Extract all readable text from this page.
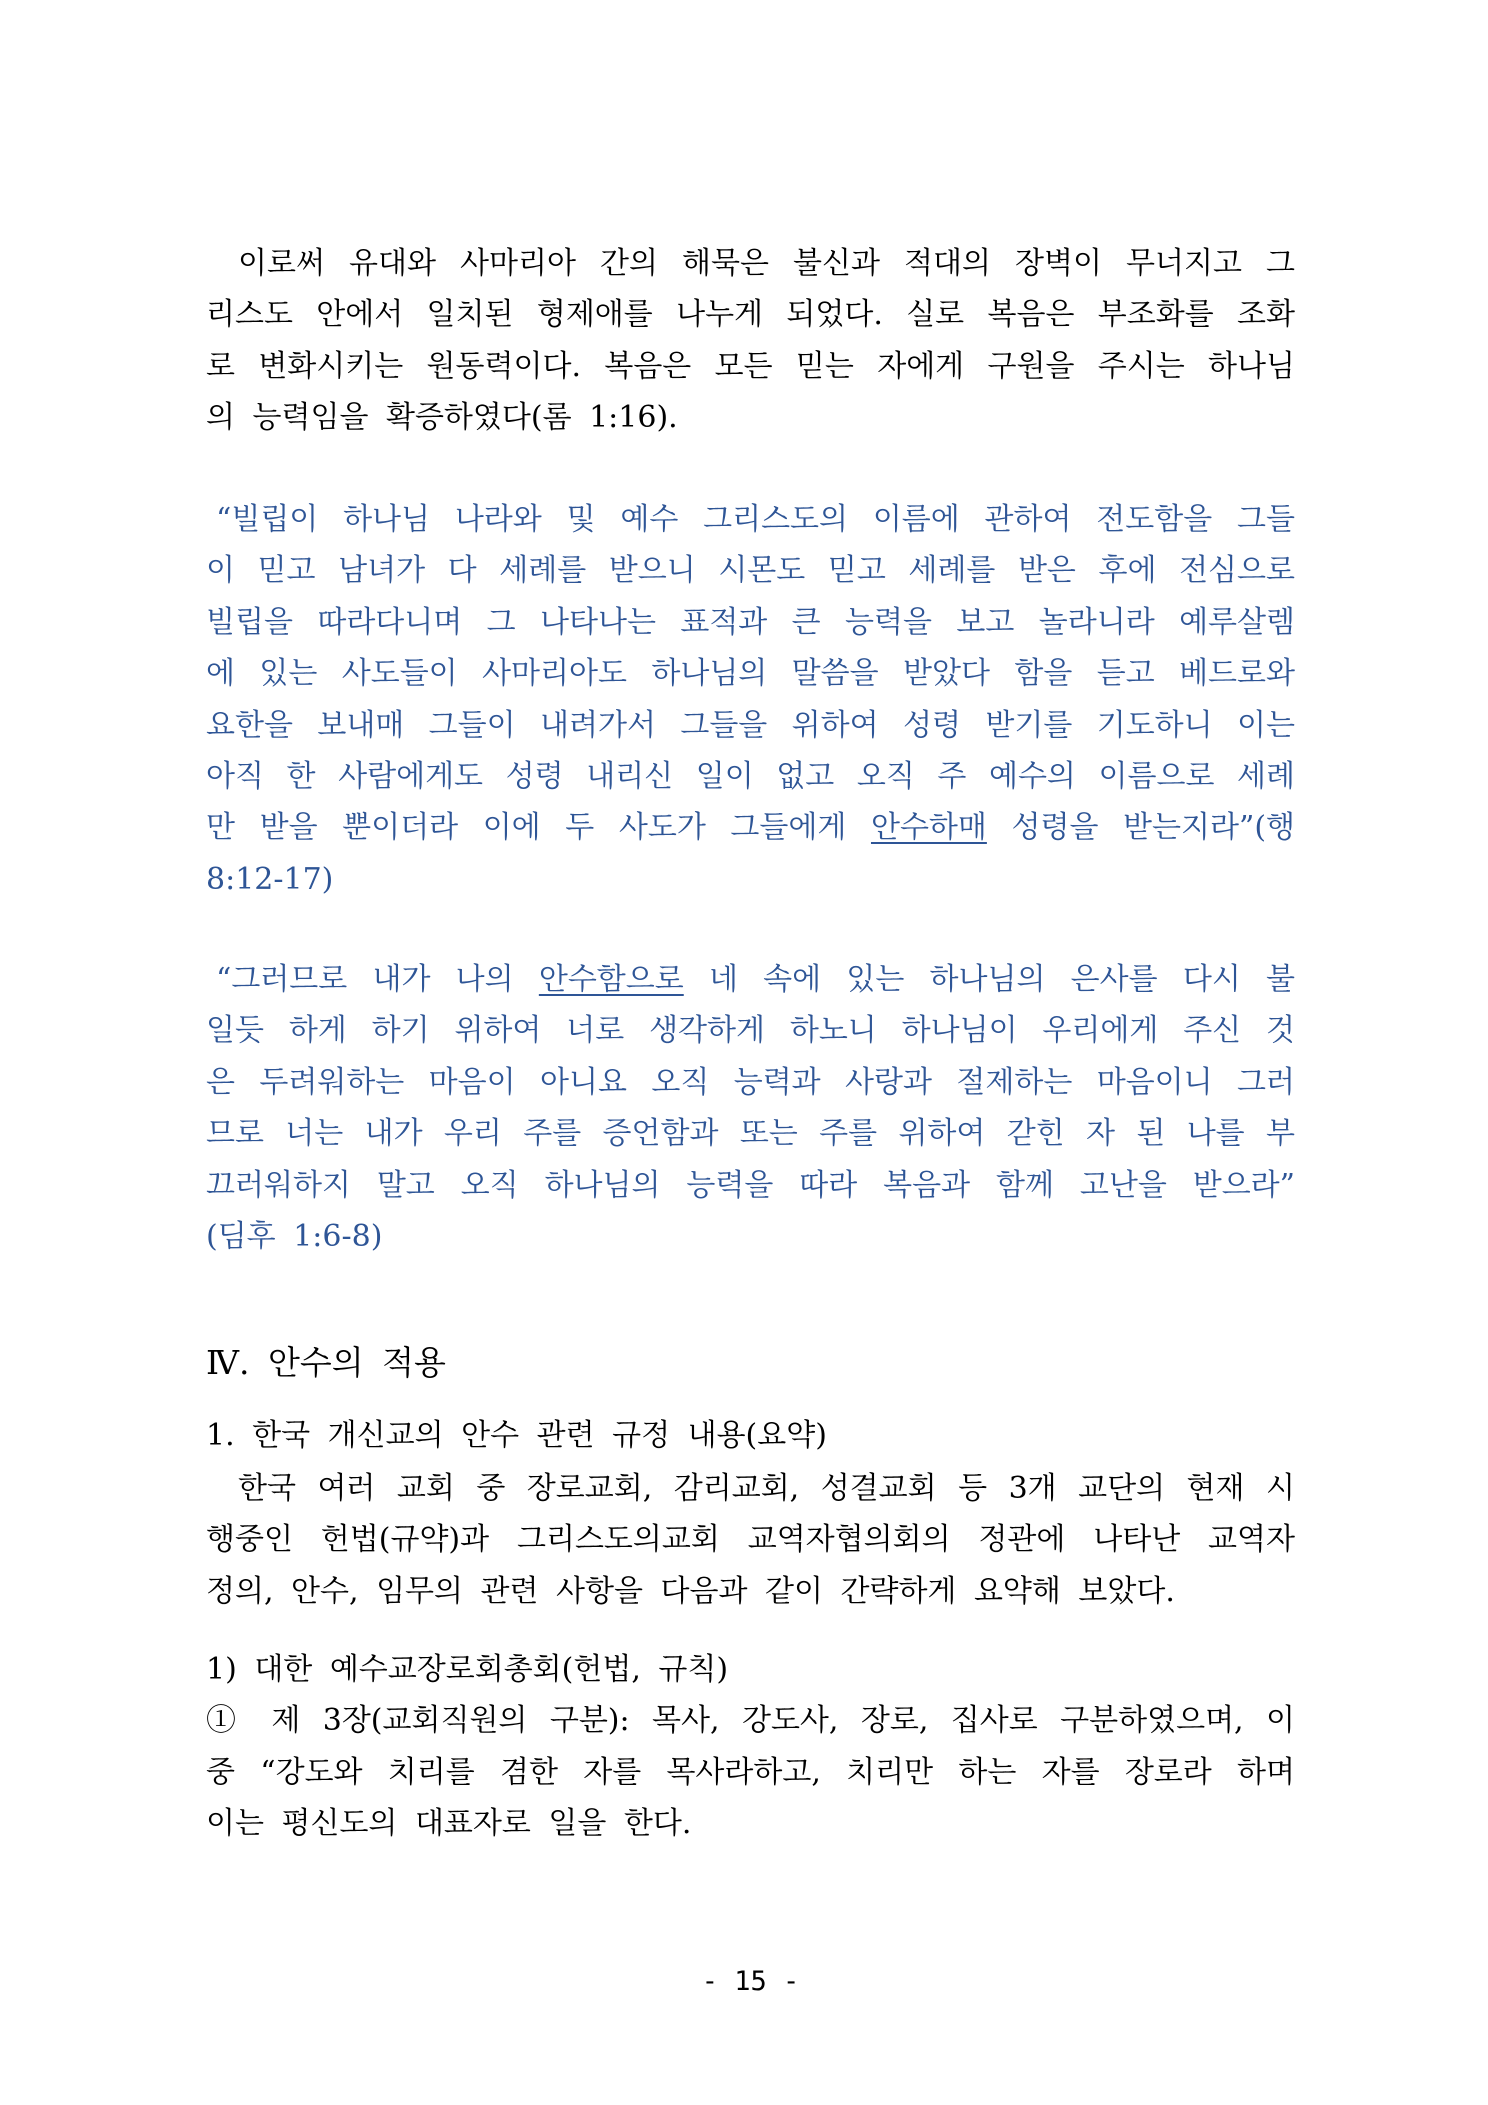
이로써 유대와 사마리아 간의 해묵은 불신과 적대의 장벽이 무너지고 그
리스도 안에서 일치된 형제애를 나누게 되었다. 실로 복음은 부조화를 조화
로 변화시키는 원동력이다. 복음은 모든 믿는 자에게 구원을 주시는 하나님
의 능력임을 확증하였다(롬 1:16).
“빌립이 하나님 나라와 및 예수 그리스도의 이름에 관하여 전도함을 그들
이 믿고 남녀가 다 세례를 받으니 시몬도 믿고 세례를 받은 후에 전심으로
빌립을 따라다니며 그 나타나는 표적과 큰 능력을 보고 놀라니라 예루살렘
에 있는 사도들이 사마리아도 하나님의 말씀을 받았다 함을 듣고 베드로와
요한을 보내매 그들이 내려가서 그들을 위하여 성령 받기를 기도하니 이는
아직 한 사람에게도 성령 내리신 일이 없고 오직 주 예수의 이름으로 세례
만 받을 뿐이더라 이에 두 사도가 그들에게 안수하매 성령을 받는지라”(행
8:12-17)
“그러므로 내가 나의 안수함으로 네 속에 있는 하나님의 은사를 다시 불
일듯 하게 하기 위하여 너로 생각하게 하노니 하나님이 우리에게 주신 것
은 두려워하는 마음이 아니요 오직 능력과 사랑과 절제하는 마음이니 그러
므로 너는 내가 우리 주를 증언함과 또는 주를 위하여 갇힌 자 된 나를 부
끄러워하지 말고 오직 하나님의 능력을 따라 복음과 함께 고난을 받으라”
(딤후 1:6-8)
Ⅳ. 안수의 적용
1. 한국 개신교의 안수 관련 규정 내용(요약)
한국 여러 교회 중 장로교회, 감리교회, 성결교회 등 3개 교단의 현재 시
행중인 헌법(규약)과 그리스도의교회 교역자협의회의 정관에 나타난 교역자
정의, 안수, 임무의 관련 사항을 다음과 같이 간략하게 요약해 보았다.
1) 대한 예수교장로회총회(헌법, 규칙)
① 제 3장(교회직원의 구분): 목사, 강도사, 장로, 집사로 구분하였으며, 이
중 “강도와 치리를 겸한 자를 목사라하고, 치리만 하는 자를 장로라 하며
이는 평신도의 대표자로 일을 한다.
- 15 -
